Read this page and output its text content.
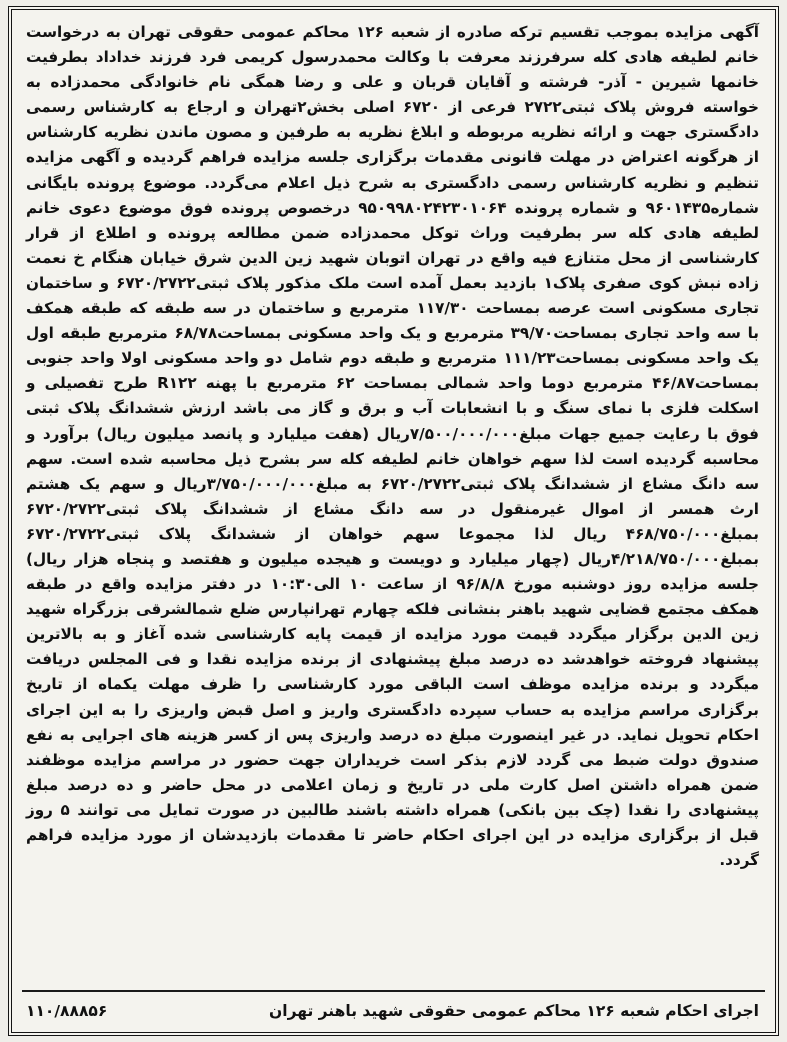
آگهی مزایده بموجب تقسیم ترکه صادره از شعبه ۱۲۶ محاکم عمومی حقوقی تهران به درخواست خانم لطیفه هادی کله سرفرزند معرفت با وکالت محمدرسول کریمی فرد فرزند خداداد بطرفیت خانمها شیرین - آذر- فرشته و آقایان قربان و علی و رضا همگی نام خانوادگی محمدزاده به خواسته فروش پلاک ثبتی۲۷۲۲ فرعی از ۶۷۲۰ اصلی بخش۲تهران و ارجاع به کارشناس رسمی دادگستری جهت و ارائه نظریه مربوطه و ابلاغ نظریه به طرفین و مصون ماندن نظریه کارشناس از هرگونه اعتراض در مهلت قانونی مقدمات برگزاری جلسه مزایده فراهم گردیده و آگهی مزایده تنظیم و نظریه کارشناس رسمی دادگستری به شرح ذیل اعلام می‌گردد. موضوع پرونده بایگانی شماره۹۶۰۱۴۳۵ و شماره پرونده ۹۵۰۹۹۸۰۲۴۲۳۰۱۰۶۴ درخصوص پرونده فوق موضوع دعوی خانم لطیفه هادی کله سر بطرفیت وراث توکل محمدزاده ضمن مطالعه پرونده و اطلاع از قرار کارشناسی از محل متنازع فیه واقع در تهران اتوبان شهید زین الدین شرق خیابان هنگام خ نعمت زاده نبش کوی صفری پلاک۱ بازدید بعمل آمده است ملک مذکور پلاک ثبتی۶۷۲۰/۲۷۲۲ و ساختمان تجاری مسکونی است عرصه بمساحت ۱۱۷/۳۰ مترمربع و ساختمان در سه طبقه که طبقه همکف با سه واحد تجاری بمساحت۳۹/۷۰ مترمربع و یک واحد مسکونی بمساحت۶۸/۷۸ مترمربع طبقه اول یک واحد مسکونی بمساحت۱۱۱/۲۳ مترمربع و طبقه دوم شامل دو واحد مسکونی اولا واحد جنوبی بمساحت۴۶/۸۷ مترمربع دوما واحد شمالی بمساحت ۶۲ مترمربع با پهنه R۱۲۲ طرح تفصیلی و اسکلت فلزی با نمای سنگ و با انشعابات آب و برق و گاز می باشد ارزش ششدانگ پلاک ثبتی فوق با رعایت جمیع جهات مبلغ۷/۵۰۰/۰۰۰/۰۰۰ریال (هفت میلیارد و پانصد میلیون ریال) برآورد و محاسبه گردیده است لذا سهم خواهان خانم لطیفه کله سر بشرح ذیل محاسبه شده است. سهم سه دانگ مشاع از ششدانگ پلاک ثبتی۶۷۲۰/۲۷۲۲ به مبلغ۳/۷۵۰/۰۰۰/۰۰۰ریال و سهم یک هشتم ارث همسر از اموال غیرمنقول در سه دانگ مشاع از ششدانگ پلاک ثبتی۶۷۲۰/۲۷۲۲ بمبلغ۴۶۸/۷۵۰/۰۰۰ ریال لذا مجموعا سهم خواهان از ششدانگ پلاک ثبتی۶۷۲۰/۲۷۲۲ بمبلغ۴/۲۱۸/۷۵۰/۰۰۰ریال (چهار میلیارد و دویست و هیجده میلیون و هفتصد و پنجاه هزار ریال) جلسه مزایده روز دوشنبه مورخ ۹۶/۸/۸ از ساعت ۱۰ الی۱۰:۳۰ در دفتر مزایده واقع در طبقه همکف مجتمع قضایی شهید باهنر بنشانی فلکه چهارم تهرانپارس ضلع شمالشرقی بزرگراه شهید زین الدین برگزار میگردد قیمت مورد مزایده از قیمت پایه کارشناسی شده آغاز و به بالاترین پیشنهاد فروخته خواهدشد ده درصد مبلغ پیشنهادی از برنده مزایده نقدا و فی المجلس دریافت میگردد و برنده مزایده موظف است الباقی مورد کارشناسی را ظرف مهلت یکماه از تاریخ برگزاری مراسم مزایده به حساب سپرده دادگستری واریز و اصل قبض واریزی را به این اجرای احکام تحویل نماید. در غیر اینصورت مبلغ ده درصد واریزی پس از کسر هزینه های اجرایی به نفع صندوق دولت ضبط می گردد لازم بذکر است خریداران جهت حضور در مراسم مزایده موظفند ضمن همراه داشتن اصل کارت ملی در تاریخ و زمان اعلامی در محل حاضر و ده درصد مبلغ پیشنهادی را نقدا (چک بین بانکی) همراه داشته باشند طالبین در صورت تمایل می توانند ۵ روز قبل از برگزاری مزایده در این اجرای احکام حاضر تا مقدمات بازدیدشان از مورد مزایده فراهم گردد.

اجرای احکام شعبه ۱۲۶ محاکم عمومی حقوقی شهید باهنر تهران
۱۱۰/۸۸۸۵۶
